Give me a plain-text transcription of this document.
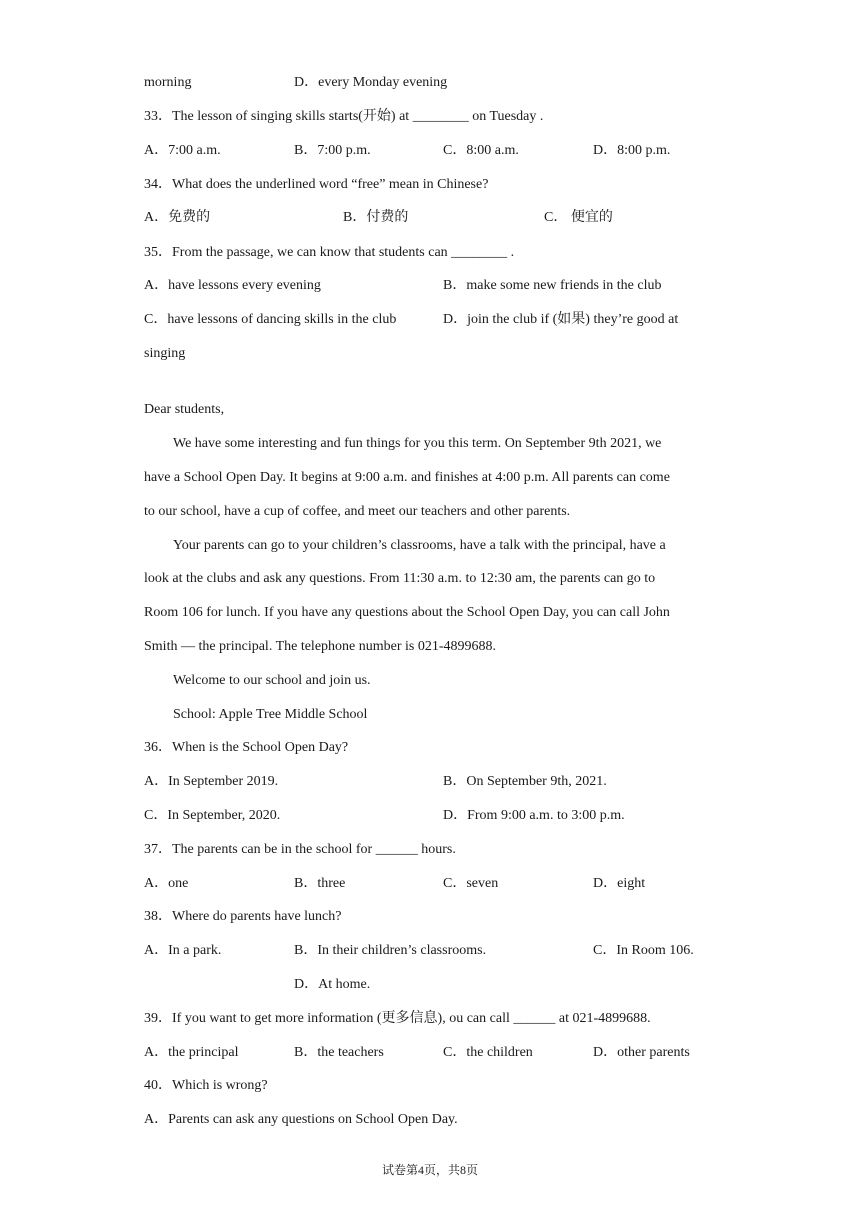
morning	D．every Monday evening
33．The lesson of singing skills starts(开始) at ________ on Tuesday .
A．7:00 a.m.	B．7:00 p.m.	C．8:00 a.m.	D．8:00 p.m.
34．What does the underlined word “free” mean in Chinese?
A．免费的	B．付费的	C． 便宜的
35．From the passage, we can know that students can ________ .
A．have lessons every evening	B．make some new friends in the club
C．have lessons of dancing skills in the club	D．join the club if (如果) they’re good at
singing
Dear students,
We have some interesting and fun things for you this term. On September 9th 2021, we
have a School Open Day. It begins at 9:00 a.m. and finishes at 4:00 p.m. All parents can come
to our school, have a cup of coffee, and meet our teachers and other parents.
Your parents can go to your children’s classrooms, have a talk with the principal, have a
look at the clubs and ask any questions. From 11:30 a.m. to 12:30 am, the parents can go to
Room 106 for lunch. If you have any questions about the School Open Day, you can call John
Smith — the principal. The telephone number is 021-4899688.
Welcome to our school and join us.
School: Apple Tree Middle School
36．When is the School Open Day?
A．In September 2019.	B．On September 9th, 2021.
C．In September, 2020.	D．From 9:00 a.m. to 3:00 p.m.
37．The parents can be in the school for ______ hours.
A．one	B．three	C．seven	D．eight
38．Where do parents have lunch?
A．In a park.	B．In their children’s classrooms.	C．In Room 106.
D．At home.
39．If you want to get more information (更多信息), ou can call ______ at 021-4899688.
A．the principal	B．the teachers	C．the children	D．other parents
40．Which is wrong?
A．Parents can ask any questions on School Open Day.
试卷第4页，共8页
